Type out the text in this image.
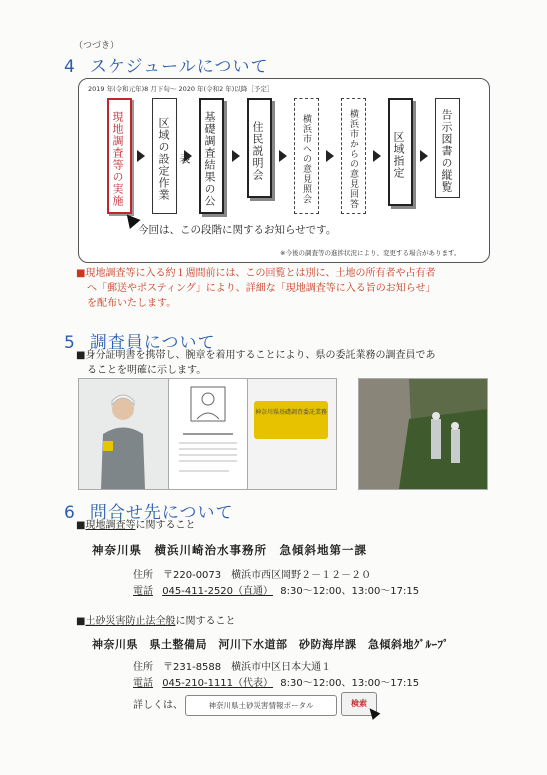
（つづき）
4 スケジュールについて
2019 年(令和元年)8 月下旬～ 2020 年(令和2 年)以降［予定］
現地調査等の実施	区域の設定作業	基礎調査結果の公表	住民説明会	横浜市への意見照会	横浜市からの意見回答	区域指定	告示図書の縦覧
今回は、この段階に関するお知らせです。
※今後の調査等の進捗状況により、変更する場合があります。
■現地調査等に入る約１週間前には、この回覧とは別に、土地の所有者や占有者
へ「郵送やポスティング」により、詳細な「現地調査等に入る旨のお知らせ」
を配布いたします。
5 調査員について
■身分証明書を携帯し、腕章を着用することにより、県の委託業務の調査員であ
ることを明確に示します。
神奈川県基礎調査委託業務
6 問合せ先について
■現地調査等に関すること
神奈川県　横浜川崎治水事務所　急傾斜地第一課
住所　〒220-0073　横浜市西区岡野２－１２－２０
電話 045-411-2520（直通） 8:30～12:00、13:00～17:15
■土砂災害防止法全般に関すること
神奈川県　県土整備局　河川下水道部　砂防海岸課　急傾斜地ｸﾞﾙｰﾌﾟ
住所　〒231-8588　横浜市中区日本大通１
電話 045-210-1111（代表） 8:30～12:00、13:00～17:15
詳しくは、	神奈川県土砂災害情報ポータル	検索
